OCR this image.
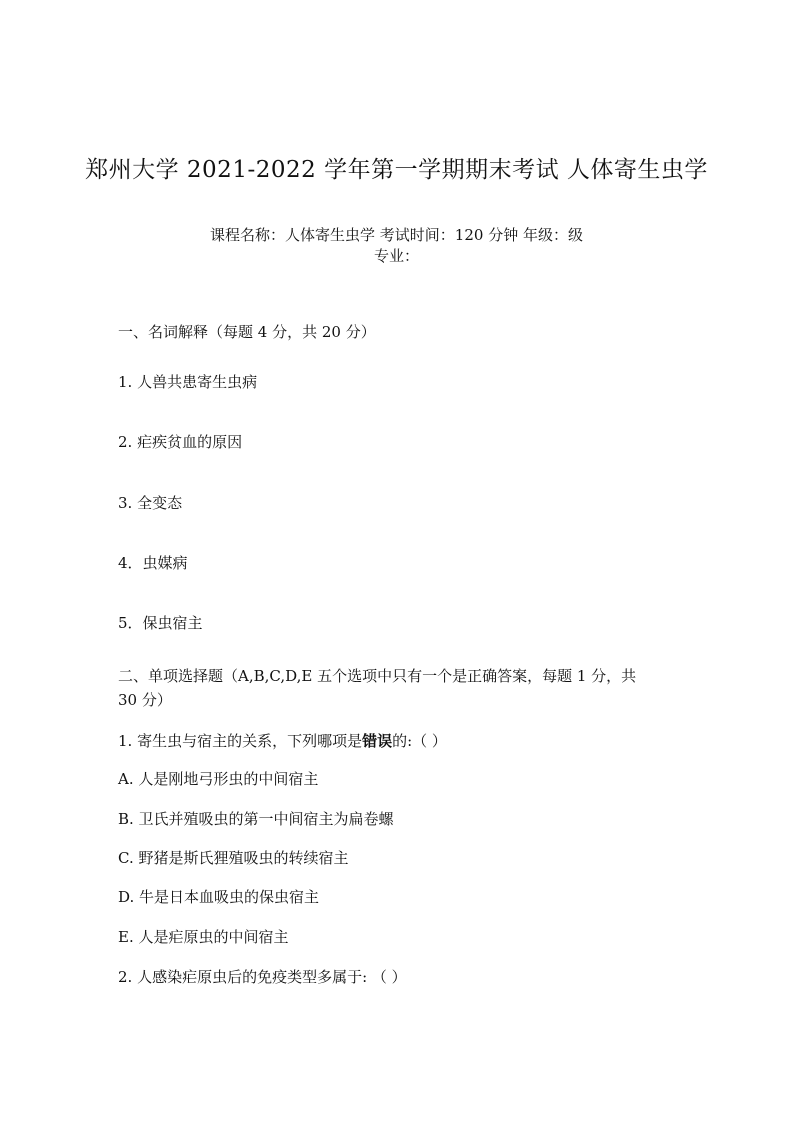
郑州大学 2021-2022 学年第一学期期末考试 人体寄生虫学
课程名称：人体寄生虫学 考试时间：120 分钟 年级：级
专业：
一、名词解释（每题 4 分，共 20 分）
1. 人兽共患寄生虫病
2. 疟疾贫血的原因
3. 全变态
4．虫媒病
5．保虫宿主
二、单项选择题（A,B,C,D,E 五个选项中只有一个是正确答案，每题 1 分，共
30 分）
1. 寄生虫与宿主的关系，下列哪项是错误的:（ ）
A. 人是刚地弓形虫的中间宿主
B. 卫氏并殖吸虫的第一中间宿主为扁卷螺
C. 野猪是斯氏狸殖吸虫的转续宿主
D. 牛是日本血吸虫的保虫宿主
E. 人是疟原虫的中间宿主
2. 人感染疟原虫后的免疫类型多属于: （ ）
